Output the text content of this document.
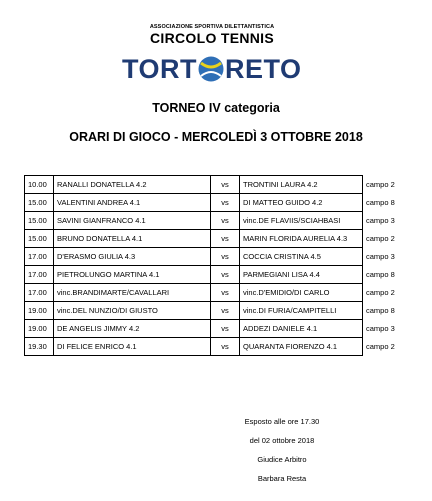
ASSOCIAZIONE SPORTIVA DILETTANTISTICA
CIRCOLO TENNIS
TORT RETO
TORNEO IV categoria
ORARI DI GIOCO - MERCOLEDÌ 3 OTTOBRE 2018
10.00	RANALLI DONATELLA 4.2	vs	TRONTINI LAURA 4.2	campo 2
15.00	VALENTINI ANDREA 4.1	vs	DI MATTEO GUIDO 4.2	campo 8
15.00	SAVINI GIANFRANCO 4.1	vs	vinc.DE FLAVIIS/SCIAHBASI	campo 3
15.00	BRUNO DONATELLA 4.1	vs	MARIN FLORIDA AURELIA 4.3	campo 2
17.00	D'ERASMO GIULIA 4.3	vs	COCCIA CRISTINA 4.5	campo 3
17.00	PIETROLUNGO MARTINA 4.1	vs	PARMEGIANI LISA 4.4	campo 8
17.00	vinc.BRANDIMARTE/CAVALLARI	vs	vinc.D'EMIDIO/DI CARLO	campo 2
19.00	vinc.DEL NUNZIO/DI GIUSTO	vs	vinc.DI FURIA/CAMPITELLI	campo 8
19.00	DE ANGELIS JIMMY 4.2	vs	ADDEZI DANIELE 4.1	campo 3
19.30	DI FELICE ENRICO 4.1	vs	QUARANTA FIORENZO 4.1	campo 2
Esposto alle ore 17.30
del 02 ottobre 2018
Giudice Arbitro
Barbara Resta
